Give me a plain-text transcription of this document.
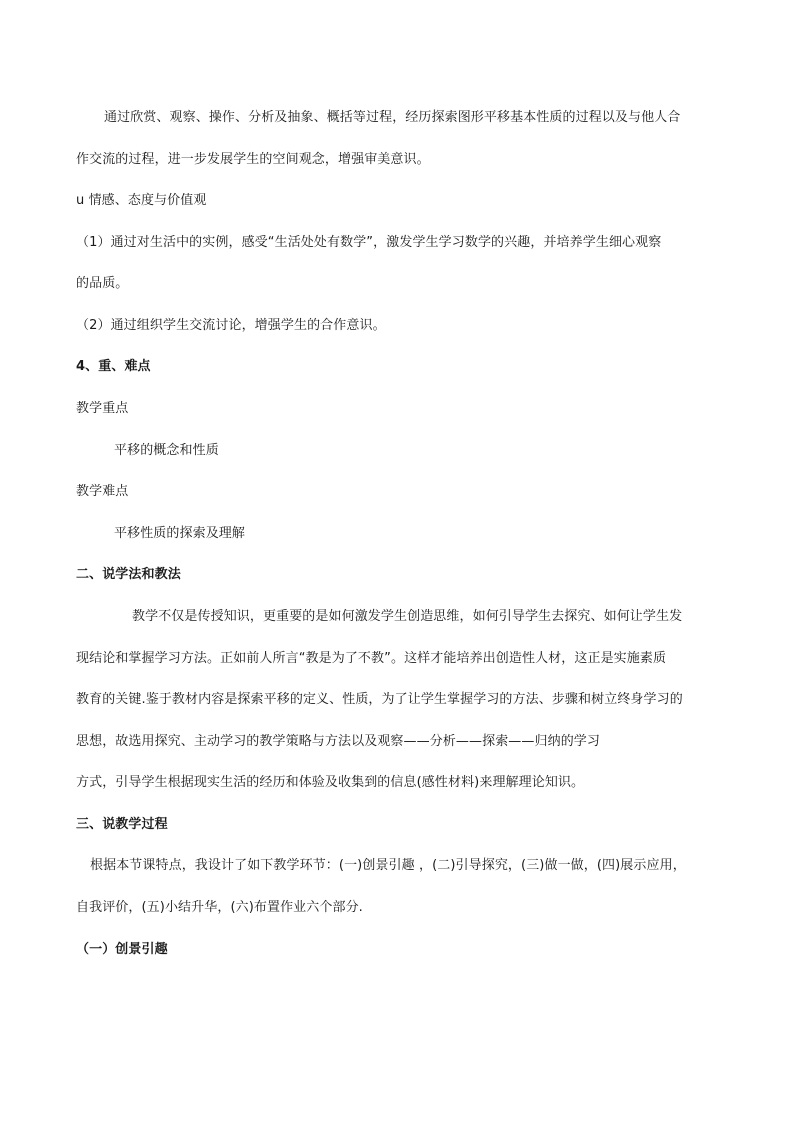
通过欣赏、观察、操作、分析及抽象、概括等过程，经历探索图形平移基本性质的过程以及与他人合
作交流的过程，进一步发展学生的空间观念，增强审美意识。
u 情感、态度与价值观
（1）通过对生活中的实例，感受“生活处处有数学”，激发学生学习数学的兴趣，并培养学生细心观察
的品质。
（2）通过组织学生交流讨论，增强学生的合作意识。
4、重、难点
教学重点
平移的概念和性质
教学难点
平移性质的探索及理解
二、说学法和教法
教学不仅是传授知识，更重要的是如何激发学生创造思维，如何引导学生去探究、如何让学生发
现结论和掌握学习方法。正如前人所言“教是为了不教”。这样才能培养出创造性人材，这正是实施素质
教育的关键.鉴于教材内容是探索平移的定义、性质，为了让学生掌握学习的方法、步骤和树立终身学习的
思想，故选用探究、主动学习的教学策略与方法以及观察——分析——探索——归纳的学习
方式，引导学生根据现实生活的经历和体验及收集到的信息(感性材料)来理解理论知识。
三、说教学过程
根据本节课特点，我设计了如下教学环节：(一)创景引趣 ，(二)引导探究，(三)做一做，(四)展示应用，
自我评价，(五)小结升华，(六)布置作业六个部分.
（一）创景引趣
